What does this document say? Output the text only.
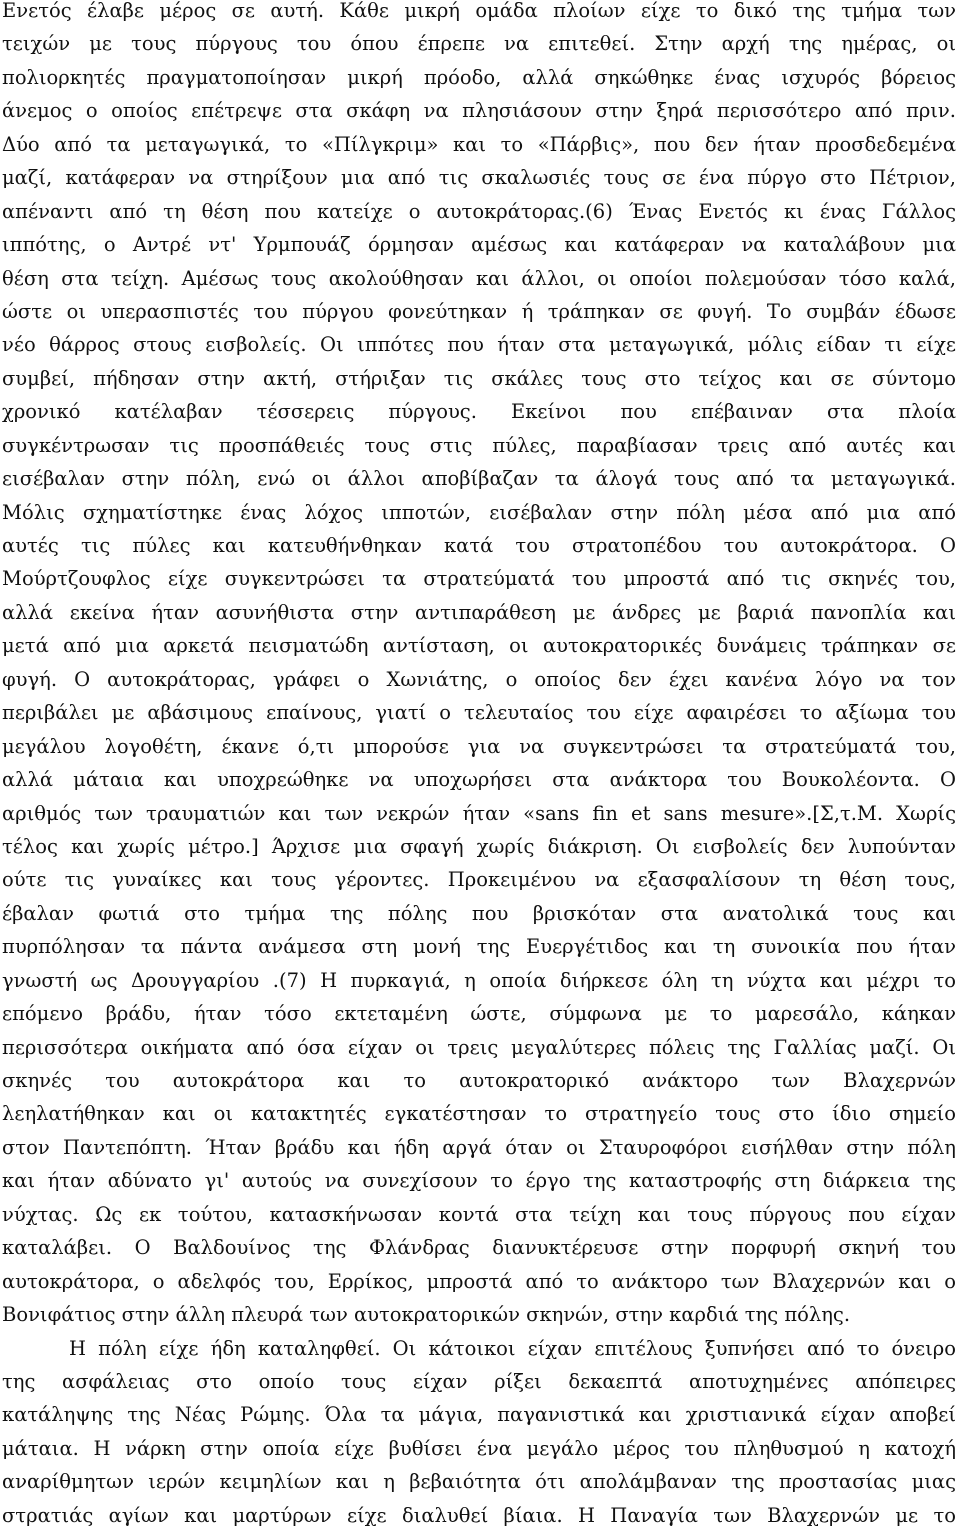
Ενετός έλαβε μέρος σε αυτή. Κάθε μικρή ομάδα πλοίων είχε το δικό της τμήμα των
τειχών με τους πύργους του όπου έπρεπε να επιτεθεί. Στην αρχή της ημέρας, οι
πολιορκητές πραγματοποίησαν μικρή πρόοδο, αλλά σηκώθηκε ένας ισχυρός βόρειος
άνεμος ο οποίος επέτρεψε στα σκάφη να πλησιάσουν στην ξηρά περισσότερο από πριν.
Δύο από τα μεταγωγικά, το «Πίλγκριμ» και το «Πάρβις», που δεν ήταν προσδεδεμένα
μαζί, κατάφεραν να στηρίξουν μια από τις σκαλωσιές τους σε ένα πύργο στο Πέτριον,
απέναντι από τη θέση που κατείχε ο αυτοκράτορας.(6) Ένας Ενετός κι ένας Γάλλος
ιππότης, ο Αντρέ ντ' Υρμπουάζ όρμησαν αμέσως και κατάφεραν να καταλάβουν μια
θέση στα τείχη. Αμέσως τους ακολούθησαν και άλλοι, οι οποίοι πολεμούσαν τόσο καλά,
ώστε οι υπερασπιστές του πύργου φονεύτηκαν ή τράπηκαν σε φυγή. Το συμβάν έδωσε
νέο θάρρος στους εισβολείς. Οι ιππότες που ήταν στα μεταγωγικά, μόλις είδαν τι είχε
συμβεί, πήδησαν στην ακτή, στήριξαν τις σκάλες τους στο τείχος και σε σύντομο
χρονικό κατέλαβαν τέσσερεις πύργους. Εκείνοι που επέβαιναν στα πλοία
συγκέντρωσαν τις προσπάθειές τους στις πύλες, παραβίασαν τρεις από αυτές και
εισέβαλαν στην πόλη, ενώ οι άλλοι αποβίβαζαν τα άλογά τους από τα μεταγωγικά.
Μόλις σχηματίστηκε ένας λόχος ιπποτών, εισέβαλαν στην πόλη μέσα από μια από
αυτές τις πύλες και κατευθήνθηκαν κατά του στρατοπέδου του αυτοκράτορα. Ο
Μούρτζουφλος είχε συγκεντρώσει τα στρατεύματά του μπροστά από τις σκηνές του,
αλλά εκείνα ήταν ασυνήθιστα στην αντιπαράθεση με άνδρες με βαριά πανοπλία και
μετά από μια αρκετά πεισματώδη αντίσταση, οι αυτοκρατορικές δυνάμεις τράπηκαν σε
φυγή. Ο αυτοκράτορας, γράφει ο Χωνιάτης, ο οποίος δεν έχει κανένα λόγο να τον
περιβάλει με αβάσιμους επαίνους, γιατί ο τελευταίος του είχε αφαιρέσει το αξίωμα του
μεγάλου λογοθέτη, έκανε ό,τι μπορούσε για να συγκεντρώσει τα στρατεύματά του,
αλλά μάταια και υποχρεώθηκε να υποχωρήσει στα ανάκτορα του Βουκολέοντα. Ο
αριθμός των τραυματιών και των νεκρών ήταν «sans fin et sans mesure».[Σ,τ.Μ. Χωρίς
τέλος και χωρίς μέτρο.] Άρχισε μια σφαγή χωρίς διάκριση. Οι εισβολείς δεν λυπούνταν
ούτε τις γυναίκες και τους γέροντες. Προκειμένου να εξασφαλίσουν τη θέση τους,
έβαλαν φωτιά στο τμήμα της πόλης που βρισκόταν στα ανατολικά τους και
πυρπόλησαν τα πάντα ανάμεσα στη μονή της Ευεργέτιδος και τη συνοικία που ήταν
γνωστή ως Δρουγγαρίου .(7) Η πυρκαγιά, η οποία διήρκεσε όλη τη νύχτα και μέχρι το
επόμενο βράδυ, ήταν τόσο εκτεταμένη ώστε, σύμφωνα με το μαρεσάλο, κάηκαν
περισσότερα οικήματα από όσα είχαν οι τρεις μεγαλύτερες πόλεις της Γαλλίας μαζί. Οι
σκηνές του αυτοκράτορα και το αυτοκρατορικό ανάκτορο των Βλαχερνών
λεηλατήθηκαν και οι κατακτητές εγκατέστησαν το στρατηγείο τους στο ίδιο σημείο
στον Παντεπόπτη. Ήταν βράδυ και ήδη αργά όταν οι Σταυροφόροι εισήλθαν στην πόλη
και ήταν αδύνατο γι' αυτούς να συνεχίσουν το έργο της καταστροφής στη διάρκεια της
νύχτας. Ως εκ τούτου, κατασκήνωσαν κοντά στα τείχη και τους πύργους που είχαν
καταλάβει. Ο Βαλδουίνος της Φλάνδρας διανυκτέρευσε στην πορφυρή σκηνή του
αυτοκράτορα, ο αδελφός του, Ερρίκος, μπροστά από το ανάκτορο των Βλαχερνών και ο
Βονιφάτιος στην άλλη πλευρά των αυτοκρατορικών σκηνών, στην καρδιά της πόλης.
Η πόλη είχε ήδη καταληφθεί. Οι κάτοικοι είχαν επιτέλους ξυπνήσει από το όνειρο
της ασφάλειας στο οποίο τους είχαν ρίξει δεκαεπτά αποτυχημένες απόπειρες
κατάληψης της Νέας Ρώμης. Όλα τα μάγια, παγανιστικά και χριστιανικά είχαν αποβεί
μάταια. Η νάρκη στην οποία είχε βυθίσει ένα μεγάλο μέρος του πληθυσμού η κατοχή
αναρίθμητων ιερών κειμηλίων και η βεβαιότητα ότι απολάμβαναν της προστασίας μιας
στρατιάς αγίων και μαρτύρων είχε διαλυθεί βίαια. Η Παναγία των Βλαχερνών με το
